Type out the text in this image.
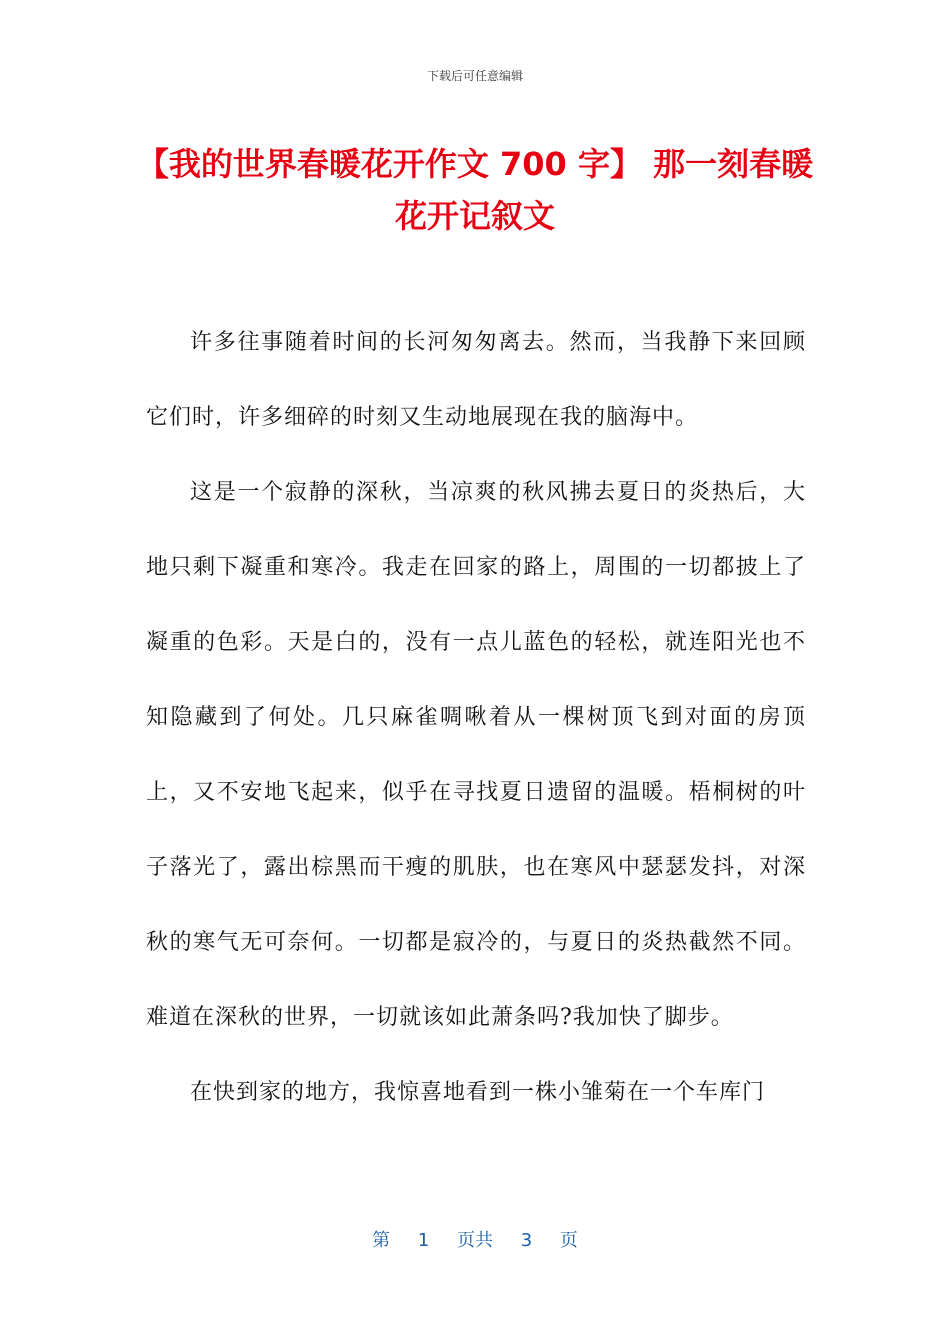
下载后可任意编辑
【我的世界春暖花开作文 700 字】 那一刻春暖花开记叙文

许多往事随着时间的长河匆匆离去。然而，当我静下来回顾它们时，许多细碎的时刻又生动地展现在我的脑海中。

这是一个寂静的深秋，当凉爽的秋风拂去夏日的炎热后，大地只剩下凝重和寒冷。我走在回家的路上，周围的一切都披上了凝重的色彩。天是白的，没有一点儿蓝色的轻松，就连阳光也不知隐藏到了何处。几只麻雀啁啾着从一棵树顶飞到对面的房顶上，又不安地飞起来，似乎在寻找夏日遗留的温暖。梧桐树的叶子落光了，露出棕黑而干瘦的肌肤，也在寒风中瑟瑟发抖，对深秋的寒气无可奈何。一切都是寂冷的，与夏日的炎热截然不同。难道在深秋的世界，一切就该如此萧条吗?我加快了脚步。

在快到家的地方，我惊喜地看到一株小雏菊在一个车库门

第 1 页共 3 页
